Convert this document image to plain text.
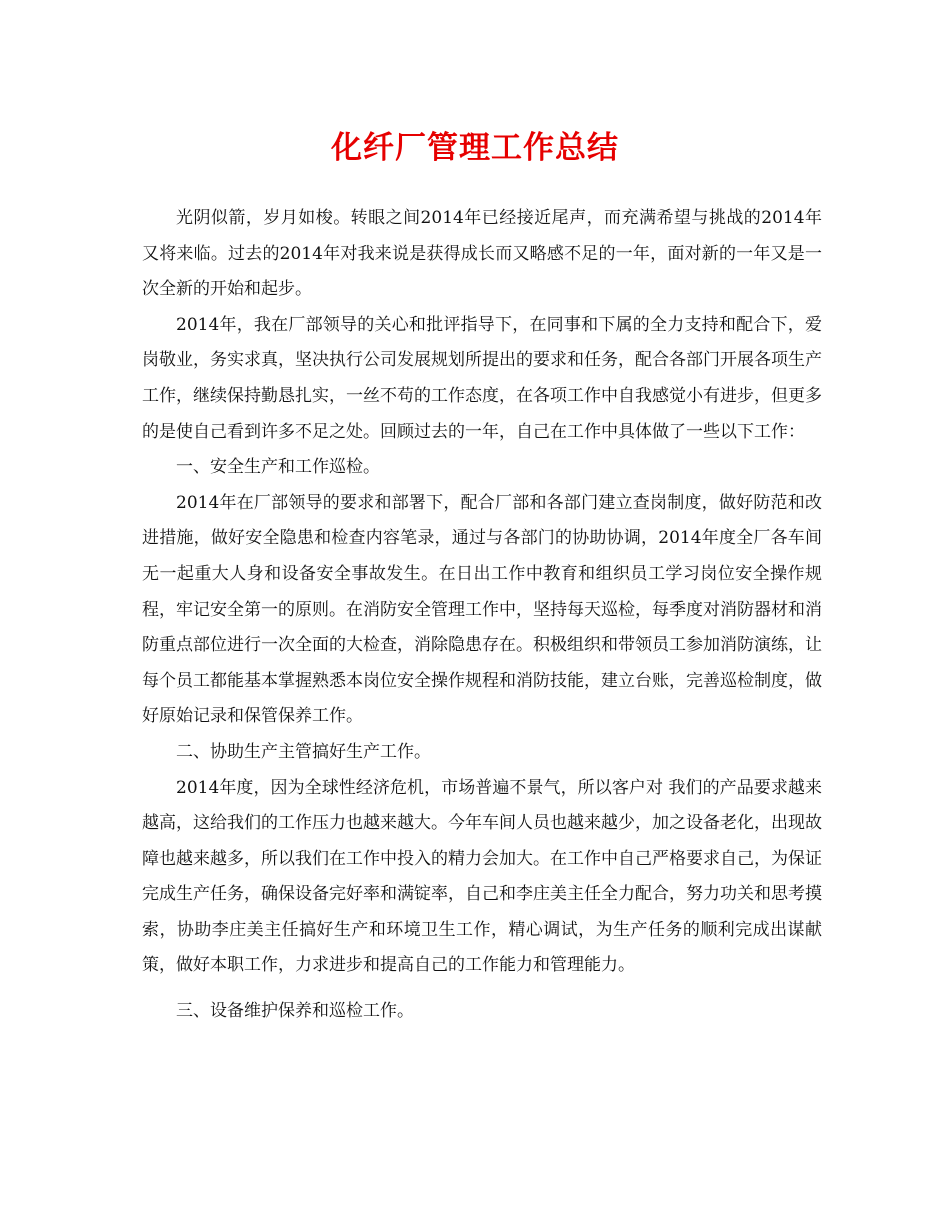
化纤厂管理工作总结

光阴似箭，岁月如梭。转眼之间2014年已经接近尾声，而充满希望与挑战的2014年又将来临。过去的2014年对我来说是获得成长而又略感不足的一年，面对新的一年又是一次全新的开始和起步。

2014年，我在厂部领导的关心和批评指导下，在同事和下属的全力支持和配合下，爱岗敬业，务实求真，坚决执行公司发展规划所提出的要求和任务，配合各部门开展各项生产工作，继续保持勤恳扎实，一丝不苟的工作态度，在各项工作中自我感觉小有进步，但更多的是使自己看到许多不足之处。回顾过去的一年，自己在工作中具体做了一些以下工作：

一、安全生产和工作巡检。

2014年在厂部领导的要求和部署下，配合厂部和各部门建立查岗制度，做好防范和改进措施，做好安全隐患和检查内容笔录，通过与各部门的协助协调，2014年度全厂各车间无一起重大人身和设备安全事故发生。在日出工作中教育和组织员工学习岗位安全操作规程，牢记安全第一的原则。在消防安全管理工作中，坚持每天巡检，每季度对消防器材和消防重点部位进行一次全面的大检查，消除隐患存在。积极组织和带领员工参加消防演练，让每个员工都能基本掌握熟悉本岗位安全操作规程和消防技能，建立台账，完善巡检制度，做好原始记录和保管保养工作。

二、协助生产主管搞好生产工作。

2014年度，因为全球性经济危机，市场普遍不景气，所以客户对 我们的产品要求越来越高，这给我们的工作压力也越来越大。今年车间人员也越来越少，加之设备老化，出现故障也越来越多，所以我们在工作中投入的精力会加大。在工作中自己严格要求自己，为保证完成生产任务，确保设备完好率和满锭率，自己和李庄美主任全力配合，努力功关和思考摸索，协助李庄美主任搞好生产和环境卫生工作，精心调试，为生产任务的顺利完成出谋献策，做好本职工作，力求进步和提高自己的工作能力和管理能力。

三、设备维护保养和巡检工作。
